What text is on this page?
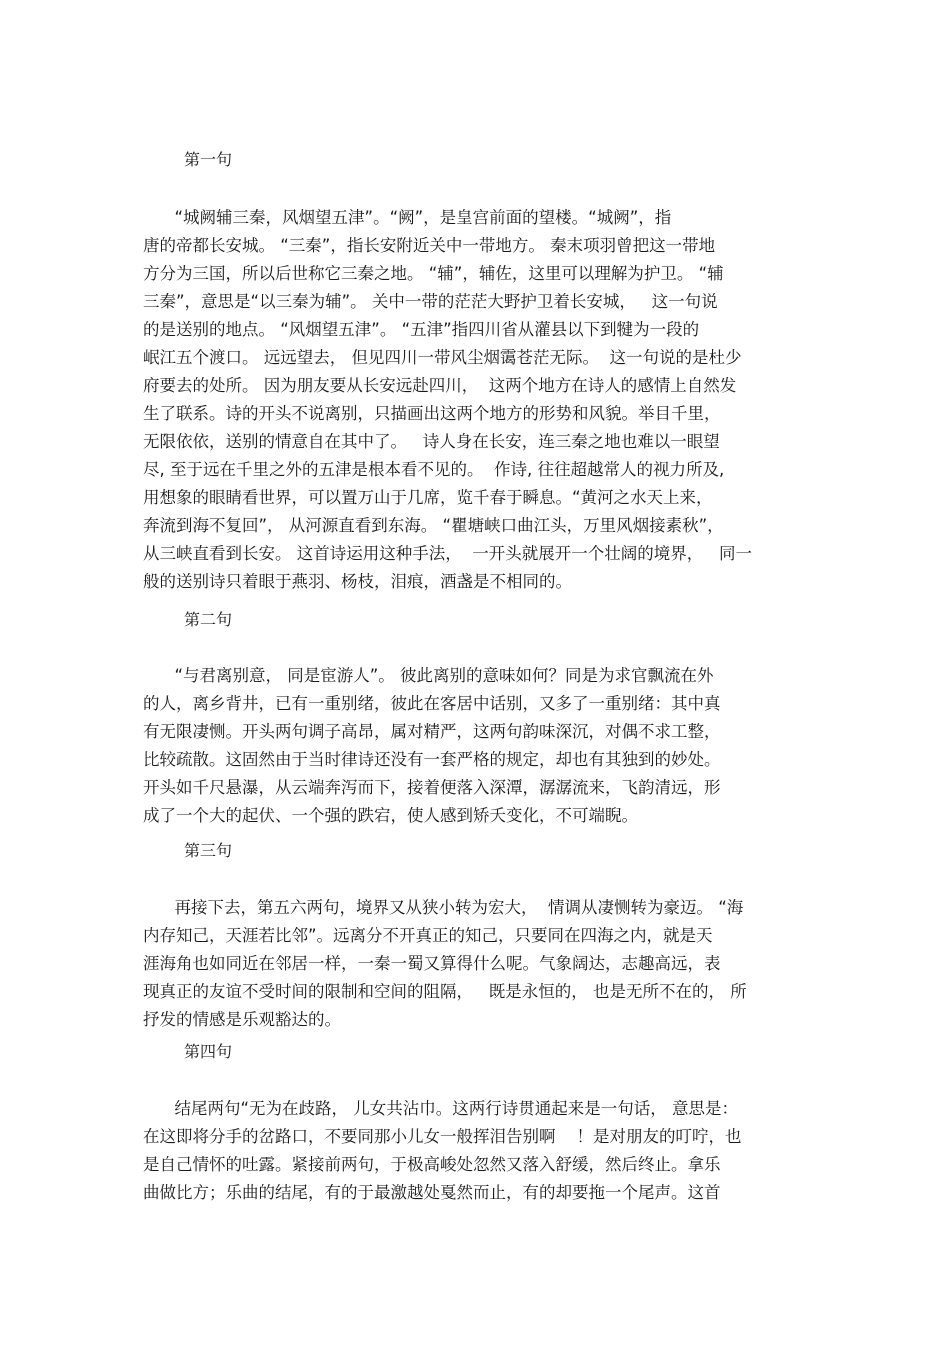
第一句
“城阙辅三秦，风烟望五津”。“阙”，是皇宫前面的望楼。“城阙”，指
唐的帝都长安城。 “三秦”，指长安附近关中一带地方。 秦末项羽曾把这一带地
方分为三国，所以后世称它三秦之地。 “辅”，辅佐，这里可以理解为护卫。 “辅
三秦”，意思是“以三秦为辅”。 关中一带的茫茫大野护卫着长安城，   这一句说
的是送别的地点。 “风烟望五津”。 “五津”指四川省从灌县以下到犍为一段的
岷江五个渡口。 远远望去， 但见四川一带风尘烟霭苍茫无际。  这一句说的是杜少
府要去的处所。 因为朋友要从长安远赴四川，  这两个地方在诗人的感情上自然发
生了联系。诗的开头不说离别，只描画出这两个地方的形势和风貌。举目千里，
无限依依，送别的情意自在其中了。   诗人身在长安，连三秦之地也难以一眼望
尽, 至于远在千里之外的五津是根本看不见的。  作诗, 往往超越常人的视力所及,
用想象的眼睛看世界，可以置万山于几席，览千春于瞬息。“黄河之水天上来，
奔流到海不复回”， 从河源直看到东海。 “瞿塘峡口曲江头，万里风烟接素秋”，
从三峡直看到长安。 这首诗运用这种手法，  一开头就展开一个壮阔的境界，   同一
般的送别诗只着眼于燕羽、杨枝，泪痕，酒盏是不相同的。
第二句
“与君离别意， 同是宦游人”。 彼此离别的意味如何？同是为求官飘流在外
的人，离乡背井，已有一重别绪，彼此在客居中话别，又多了一重别绪：其中真
有无限凄恻。开头两句调子高昂，属对精严，这两句韵味深沉，对偶不求工整，
比较疏散。这固然由于当时律诗还没有一套严格的规定，却也有其独到的妙处。
开头如千尺悬瀑，从云端奔泻而下，接着便落入深潭，潺潺流来，飞韵清远，形
成了一个大的起伏、一个强的跌宕，使人感到矫夭变化，不可端睨。
第三句
再接下去，第五六两句，境界又从狭小转为宏大，  情调从凄恻转为豪迈。 “海
内存知己，天涯若比邻”。远离分不开真正的知己，只要同在四海之内，就是天
涯海角也如同近在邻居一样，一秦一蜀又算得什么呢。气象阔达，志趣高远，表
现真正的友谊不受时间的限制和空间的阻隔，   既是永恒的， 也是无所不在的， 所
抒发的情感是乐观豁达的。
第四句
结尾两句“无为在歧路， 儿女共沾巾。这两行诗贯通起来是一句话， 意思是：
在这即将分手的岔路口，不要同那小儿女一般挥泪告别啊    ！是对朋友的叮咛，也
是自己情怀的吐露。紧接前两句，于极高峻处忽然又落入舒缓，然后终止。拿乐
曲做比方；乐曲的结尾，有的于最激越处戛然而止，有的却要拖一个尾声。这首
